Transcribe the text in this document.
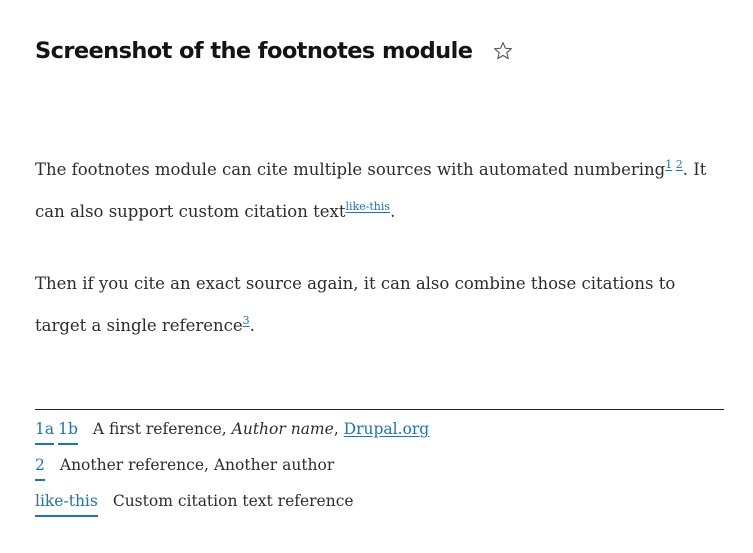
Screenshot of the footnotes module

The footnotes module can cite multiple sources with automated numbering$^{1 2}$. It can also support custom citation text$^{like-this}$.

Then if you cite an exact source again, it can also combine those citations to target a single reference$^3$.

1a 1b A first reference, Author name, Drupal.org
2 Another reference, Another author
like-this Custom citation text reference
